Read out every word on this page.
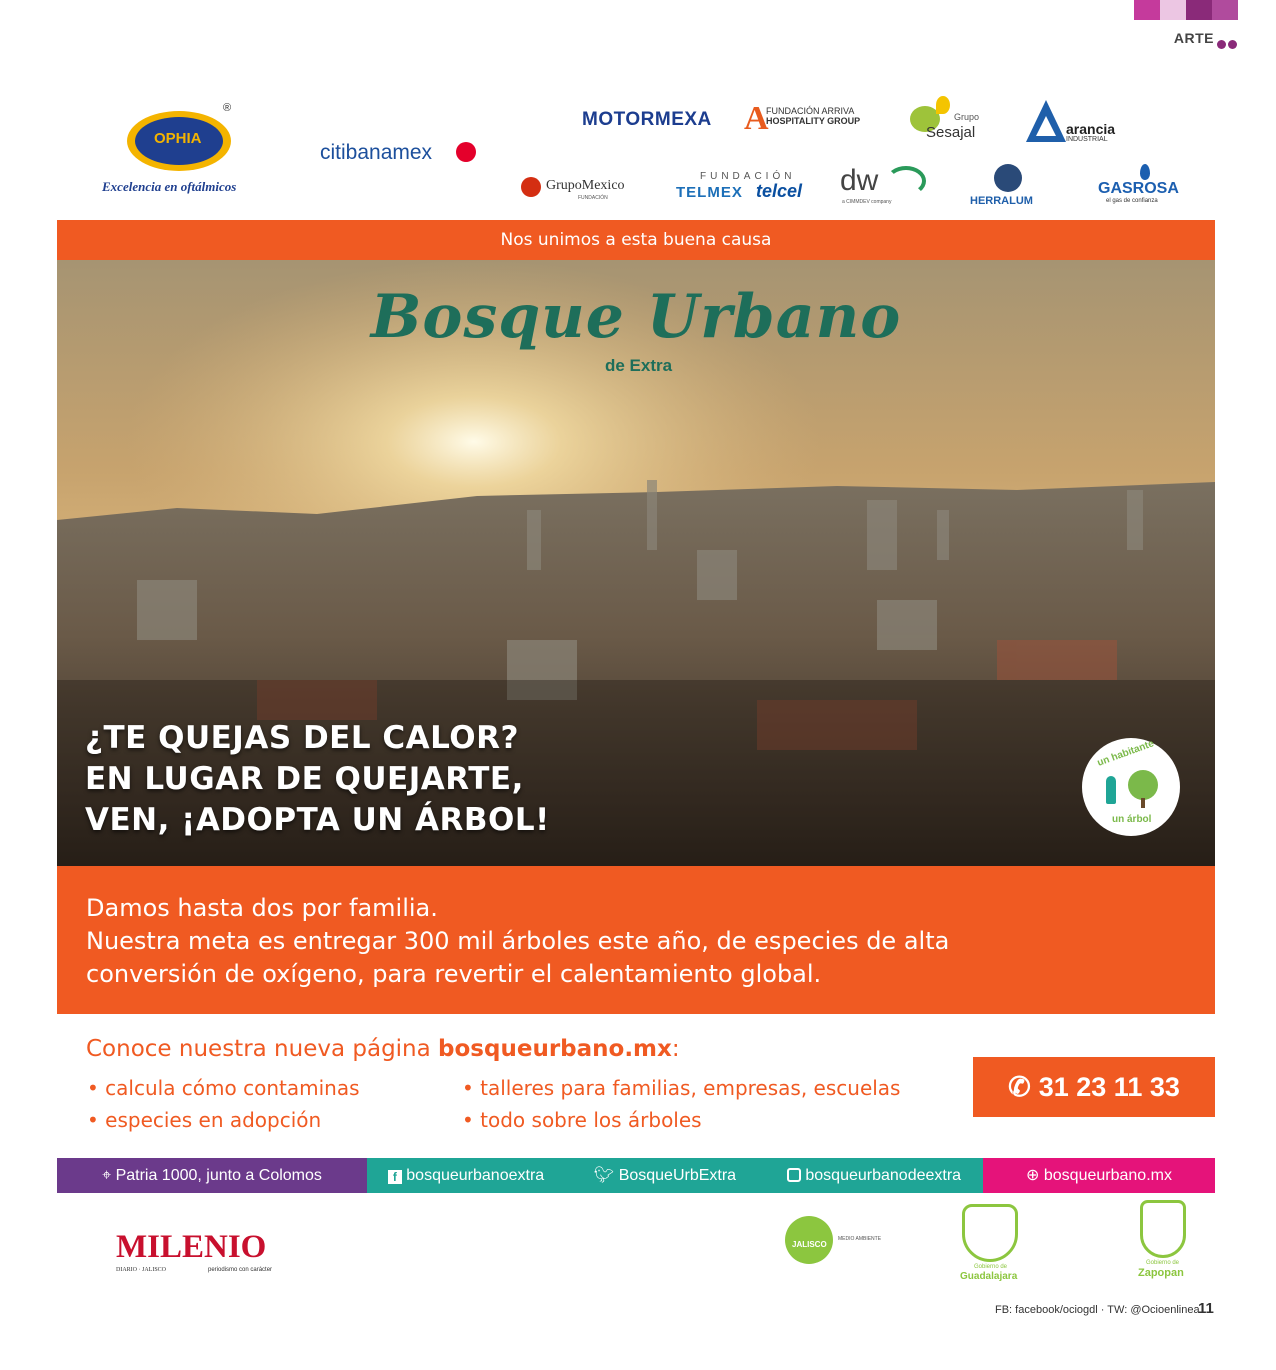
ARTE
OPHIA
®
Excelencia en oftálmicos
citibanamex
MOTORMEXA A
FUNDACIÓN ARRIVA
HOSPITALITY GROUP	Grupo
Sesajal	arancia
INDUSTRIAL
GrupoMexico
FUNDACIÓN
FUNDACIÓN
TELMEX telcel dw
a CIMMDEV company	HERRALUM
GASROSA
el gas de confianza
Nos unimos a esta buena causa
Bosque Urbano
de Extra
¿TE QUEJAS DEL CALOR?
EN LUGAR DE QUEJARTE,
VEN, ¡ADOPTA UN ÁRBOL!
un habitante
un árbol
Damos hasta dos por familia.
Nuestra meta es entregar 300 mil árboles este año, de especies de alta
conversión de oxígeno, para revertir el calentamiento global.
Conoce nuestra nueva página bosqueurbano.mx:
• calcula cómo contaminas
• especies en adopción
• talleres para familias, empresas, escuelas
• todo sobre los árboles
✆ 31 23 11 33
⌖ Patria 1000, junto a Colomos	f bosqueurbanoextra	🐦︎ BosqueUrbExtra	bosqueurbanodeextra	⊕ bosqueurbano.mx
MILENIO
DIARIO · JALISCO	periodismo con carácter
JALISCO
MEDIO AMBIENTE
Gobierno de
Guadalajara
Gobierno de
Zapopan
FB: facebook/ociogdl · TW: @Ocioenlinea
11
